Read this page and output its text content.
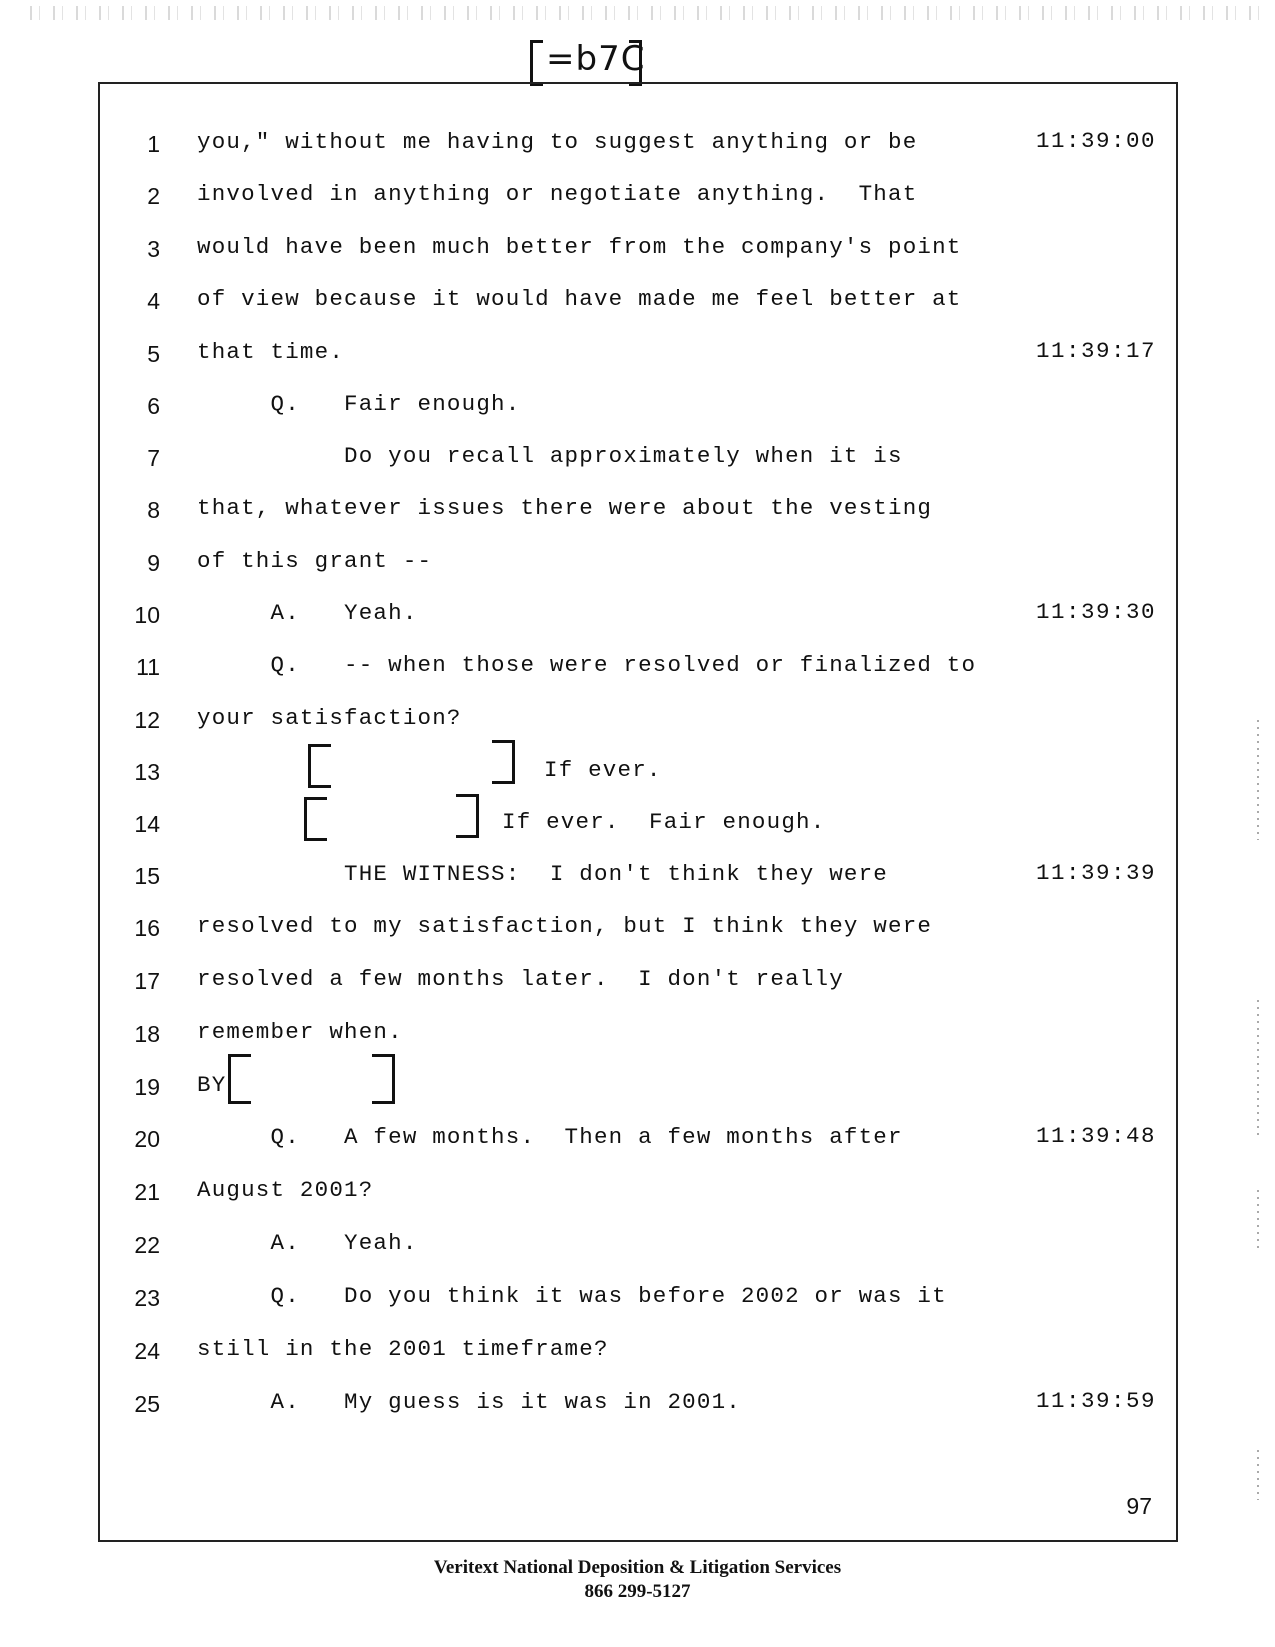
=b7C
1 you," without me having to suggest anything or be	11:39:00
2 involved in anything or negotiate anything.  That
3 would have been much better from the company's point
4 of view because it would have made me feel better at
5 that time.	11:39:17
6 Q.   Fair enough.
7 Do you recall approximately when it is
8 that, whatever issues there were about the vesting
9 of this grant --
10 A.   Yeah.	11:39:30
11 Q.   -- when those were resolved or finalized to
12 your satisfaction?
13	If ever.
14	If ever.  Fair enough.
15 THE WITNESS:  I don't think they were	11:39:39
16 resolved to my satisfaction, but I think they were
17 resolved a few months later.  I don't really
18 remember when.
19 BY
20 Q.   A few months.  Then a few months after	11:39:48
21 August 2001?
22 A.   Yeah.
23 Q.   Do you think it was before 2002 or was it
24 still in the 2001 timeframe?
25 A.   My guess is it was in 2001.	11:39:59
97
Veritext National Deposition & Litigation Services
866 299-5127
